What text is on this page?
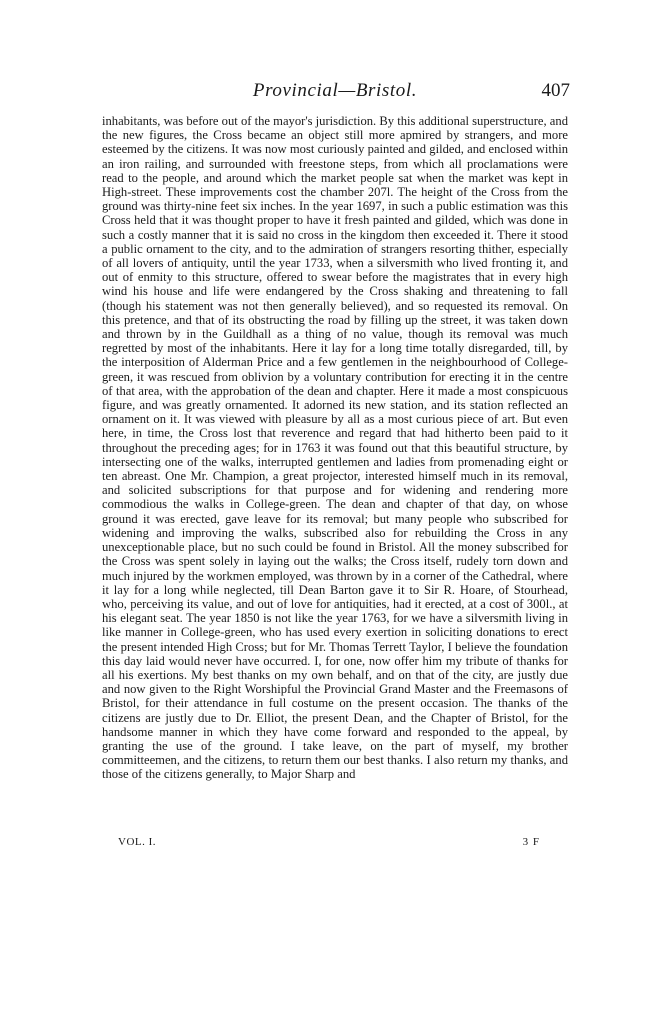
Provincial—Bristol.	407

inhabitants, was before out of the mayor's jurisdiction. By this additional superstructure, and the new figures, the Cross became an object still more apmired by strangers, and more esteemed by the citizens. It was now most curiously painted and gilded, and enclosed within an iron railing, and surrounded with freestone steps, from which all proclamations were read to the people, and around which the market people sat when the market was kept in High-street. These improvements cost the chamber 207l. The height of the Cross from the ground was thirty-nine feet six inches. In the year 1697, in such a public estimation was this Cross held that it was thought proper to have it fresh painted and gilded, which was done in such a costly manner that it is said no cross in the kingdom then exceeded it. There it stood a public ornament to the city, and to the admiration of strangers resorting thither, especially of all lovers of antiquity, until the year 1733, when a silversmith who lived fronting it, and out of enmity to this structure, offered to swear before the magistrates that in every high wind his house and life were endangered by the Cross shaking and threatening to fall (though his statement was not then generally believed), and so requested its removal. On this pretence, and that of its obstructing the road by filling up the street, it was taken down and thrown by in the Guildhall as a thing of no value, though its removal was much regretted by most of the inhabitants. Here it lay for a long time totally disregarded, till, by the interposition of Alderman Price and a few gentlemen in the neighbourhood of College-green, it was rescued from oblivion by a voluntary contribution for erecting it in the centre of that area, with the approbation of the dean and chapter. Here it made a most conspicuous figure, and was greatly ornamented. It adorned its new station, and its station reflected an ornament on it. It was viewed with pleasure by all as a most curious piece of art. But even here, in time, the Cross lost that reverence and regard that had hitherto been paid to it throughout the preceding ages; for in 1763 it was found out that this beautiful structure, by intersecting one of the walks, interrupted gentlemen and ladies from promenading eight or ten abreast. One Mr. Champion, a great projector, interested himself much in its removal, and solicited subscriptions for that purpose and for widening and rendering more commodious the walks in College-green. The dean and chapter of that day, on whose ground it was erected, gave leave for its removal; but many people who subscribed for widening and improving the walks, subscribed also for rebuilding the Cross in any unexceptionable place, but no such could be found in Bristol. All the money subscribed for the Cross was spent solely in laying out the walks; the Cross itself, rudely torn down and much injured by the workmen employed, was thrown by in a corner of the Cathedral, where it lay for a long while neglected, till Dean Barton gave it to Sir R. Hoare, of Stourhead, who, perceiving its value, and out of love for antiquities, had it erected, at a cost of 300l., at his elegant seat. The year 1850 is not like the year 1763, for we have a silversmith living in like manner in College-green, who has used every exertion in soliciting donations to erect the present intended High Cross; but for Mr. Thomas Terrett Taylor, I believe the foundation this day laid would never have occurred. I, for one, now offer him my tribute of thanks for all his exertions. My best thanks on my own behalf, and on that of the city, are justly due and now given to the Right Worshipful the Provincial Grand Master and the Freemasons of Bristol, for their attendance in full costume on the present occasion. The thanks of the citizens are justly due to Dr. Elliot, the present Dean, and the Chapter of Bristol, for the handsome manner in which they have come forward and responded to the appeal, by granting the use of the ground. I take leave, on the part of myself, my brother committeemen, and the citizens, to return them our best thanks. I also return my thanks, and those of the citizens generally, to Major Sharp and

VOL. I.	3 F
